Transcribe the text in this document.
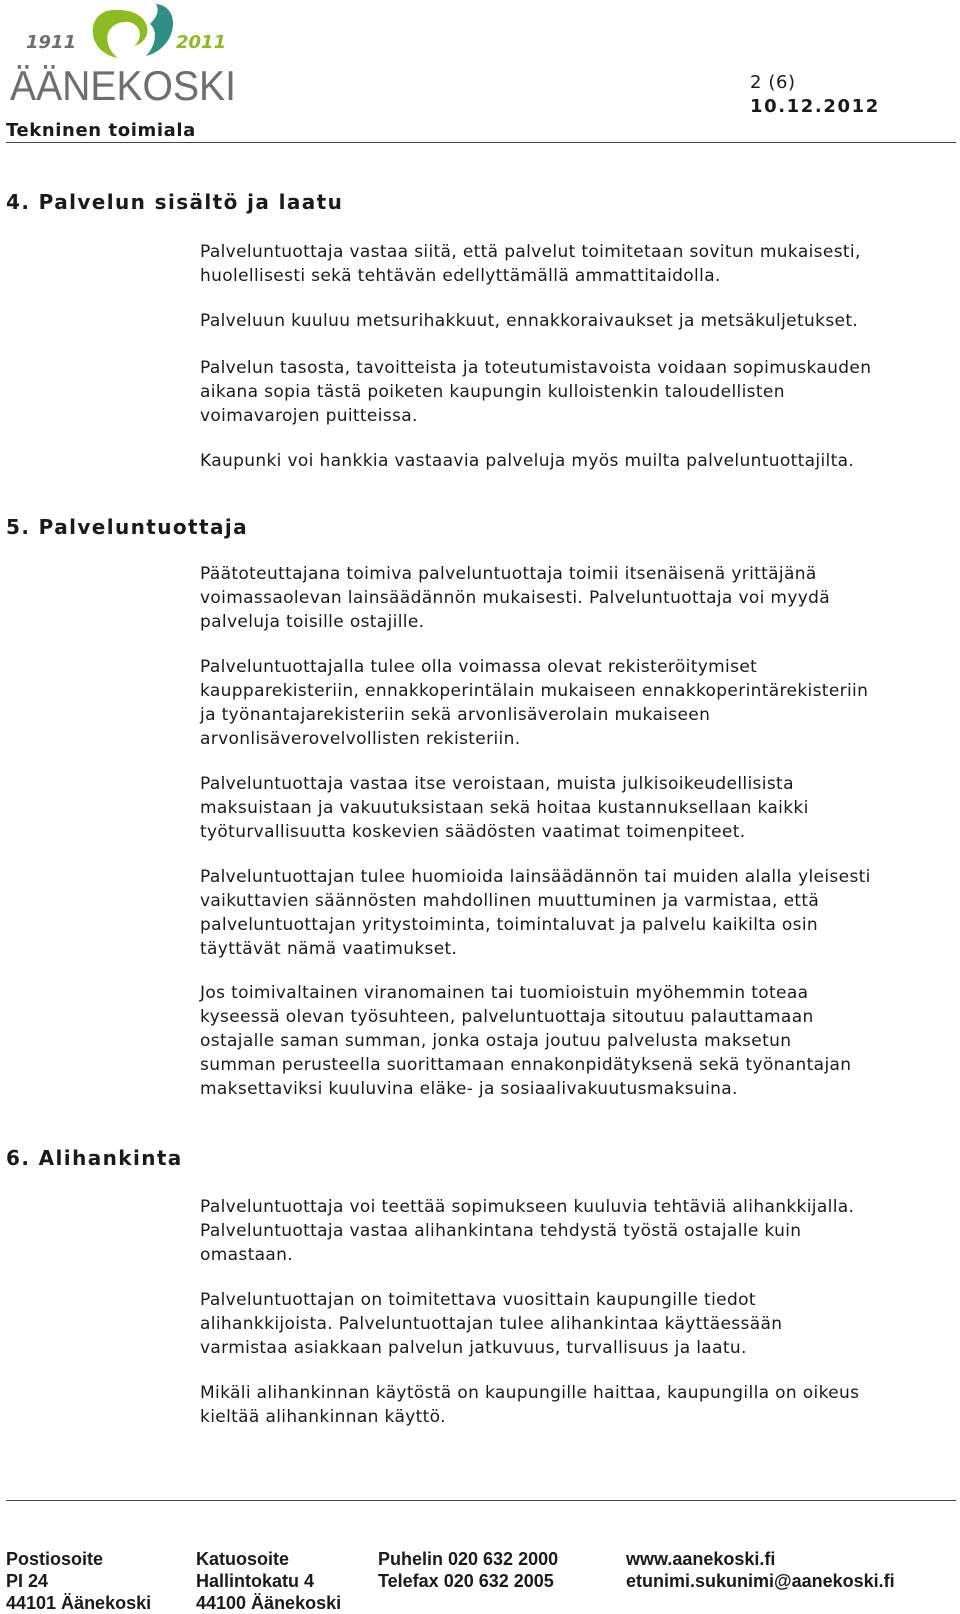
1911	2011
ÄÄNEKOSKI
Tekninen toimiala
2 (6)
10.12.2012
4. Palvelun sisältö ja laatu

Palveluntuottaja vastaa siitä, että palvelut toimitetaan sovitun mukaisesti,
huolellisesti sekä tehtävän edellyttämällä ammattitaidolla.

Palveluun kuuluu metsurihakkuut, ennakkoraivaukset ja metsäkuljetukset.

Palvelun tasosta, tavoitteista ja toteutumistavoista voidaan sopimuskauden
aikana sopia tästä poiketen kaupungin kulloistenkin taloudellisten
voimavarojen puitteissa.

Kaupunki voi hankkia vastaavia palveluja myös muilta palveluntuottajilta.

5. Palveluntuottaja

Päätoteuttajana toimiva palveluntuottaja toimii itsenäisenä yrittäjänä
voimassaolevan lainsäädännön mukaisesti. Palveluntuottaja voi myydä
palveluja toisille ostajille.

Palveluntuottajalla tulee olla voimassa olevat rekisteröitymiset
kaupparekisteriin, ennakkoperintälain mukaiseen ennakkoperintärekisteriin
ja työnantajarekisteriin sekä arvonlisäverolain mukaiseen
arvonlisäverovelvollisten rekisteriin.

Palveluntuottaja vastaa itse veroistaan, muista julkisoikeudellisista
maksuistaan ja vakuutuksistaan sekä hoitaa kustannuksellaan kaikki
työturvallisuutta koskevien säädösten vaatimat toimenpiteet.

Palveluntuottajan tulee huomioida lainsäädännön tai muiden alalla yleisesti
vaikuttavien säännösten mahdollinen muuttuminen ja varmistaa, että
palveluntuottajan yritystoiminta, toimintaluvat ja palvelu kaikilta osin
täyttävät nämä vaatimukset.

Jos toimivaltainen viranomainen tai tuomioistuin myöhemmin toteaa
kyseessä olevan työsuhteen, palveluntuottaja sitoutuu palauttamaan
ostajalle saman summan, jonka ostaja joutuu palvelusta maksetun
summan perusteella suorittamaan ennakonpidätyksenä sekä työnantajan
maksettaviksi kuuluvina eläke- ja sosiaalivakuutusmaksuina.

6. Alihankinta

Palveluntuottaja voi teettää sopimukseen kuuluvia tehtäviä alihankkijalla.
Palveluntuottaja vastaa alihankintana tehdystä työstä ostajalle kuin
omastaan.

Palveluntuottajan on toimitettava vuosittain kaupungille tiedot
alihankkijoista. Palveluntuottajan tulee alihankintaa käyttäessään
varmistaa asiakkaan palvelun jatkuvuus, turvallisuus ja laatu.

Mikäli alihankinnan käytöstä on kaupungille haittaa, kaupungilla on oikeus
kieltää alihankinnan käyttö.

Postiosoite
PI 24
44101 Äänekoski
Katuosoite
Hallintokatu 4
44100 Äänekoski
Puhelin 020 632 2000
Telefax 020 632 2005
www.aanekoski.fi
etunimi.sukunimi@aanekoski.fi
